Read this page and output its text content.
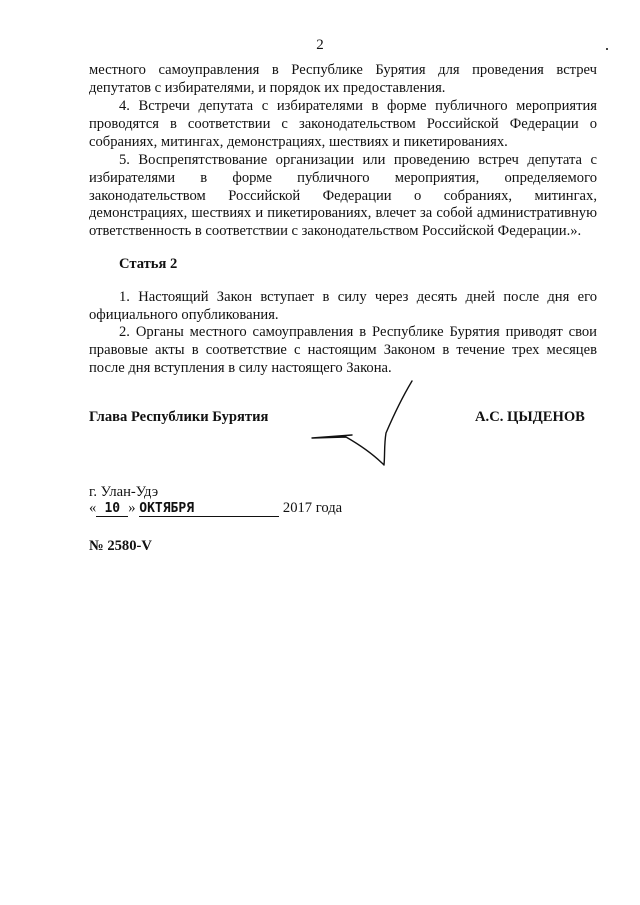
2
местного самоуправления в Республике Бурятия для проведения встреч депутатов с избирателями, и порядок их предоставления.
4. Встречи депутата с избирателями в форме публичного мероприятия проводятся в соответствии с законодательством Российской Федерации о собраниях, митингах, демонстрациях, шествиях и пикетированиях.
5. Воспрепятствование организации или проведению встреч депутата с избирателями в форме публичного мероприятия, определяемого законодательством Российской Федерации о собраниях, митингах, демонстрациях, шествиях и пикетированиях, влечет за собой административную ответственность в соответствии с законодательством Российской Федерации.».
Статья 2
1. Настоящий Закон вступает в силу через десять дней после дня его официального опубликования.
2. Органы местного самоуправления в Республике Бурятия приводят свои правовые акты в соответствие с настоящим Законом в течение трех месяцев после дня вступления в силу настоящего Закона.
Глава Республики Бурятия	А.С. ЦЫДЕНОВ
г. Улан-Удэ
« 10 » ОКТЯБРЯ	2017 года
№ 2580-V
